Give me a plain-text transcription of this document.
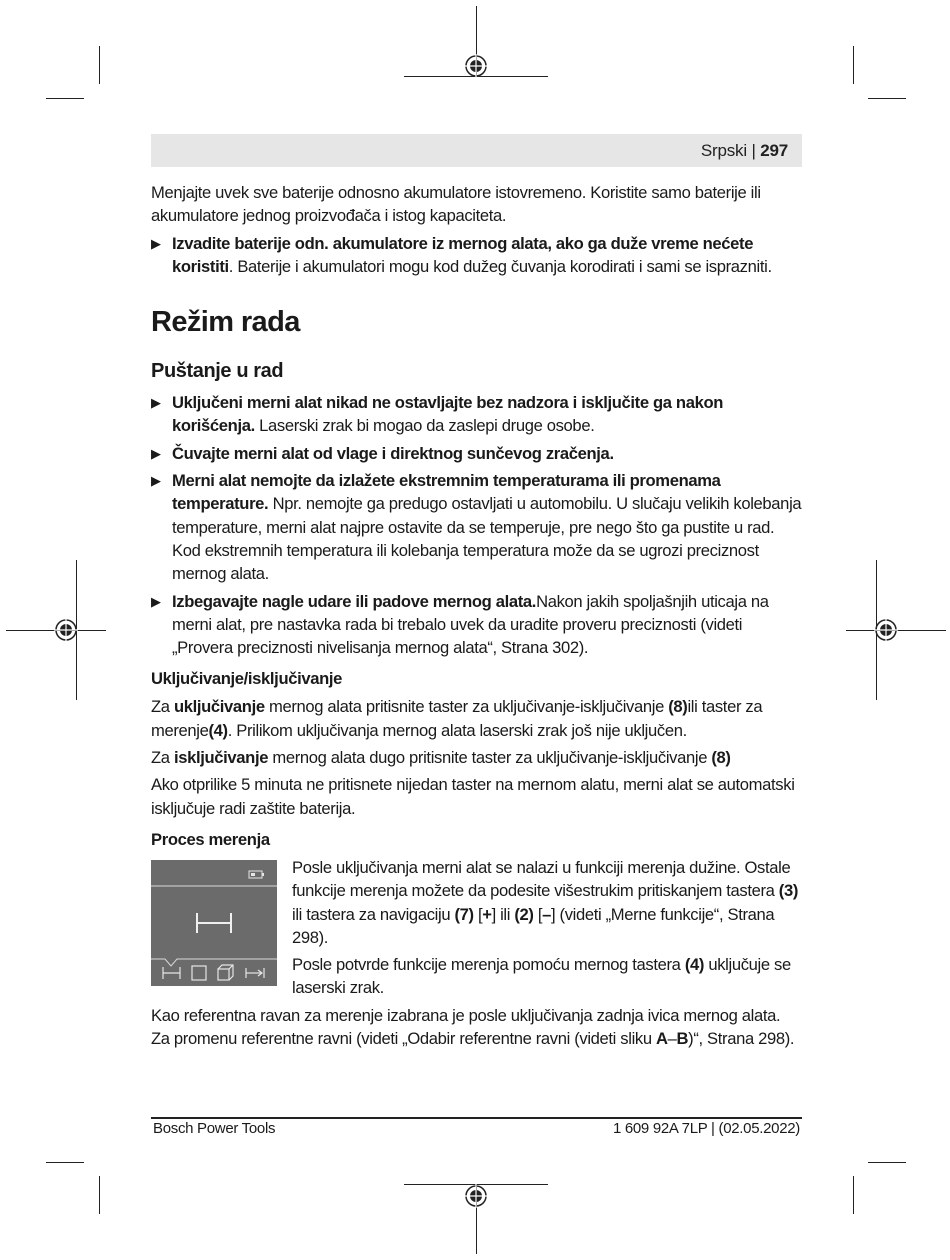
Srpski | 297

Menjajte uvek sve baterije odnosno akumulatore istovremeno. Koristite samo baterije ili akumulatore jednog proizvođača i istog kapaciteta.

▶ Izvadite baterije odn. akumulatore iz mernog alata, ako ga duže vreme nećete koristiti. Baterije i akumulatori mogu kod dužeg čuvanja korodirati i sami se isprazniti.
Režim rada
Puštanje u rad
▶ Uključeni merni alat nikad ne ostavljajte bez nadzora i isključite ga nakon korišćenja. Laserski zrak bi mogao da zaslepi druge osobe.
▶ Čuvajte merni alat od vlage i direktnog sunčevog zračenja.
▶ Merni alat nemojte da izlažete ekstremnim temperaturama ili promenama temperature. Npr. nemojte ga predugo ostavljati u automobilu. U slučaju velikih kolebanja temperature, merni alat najpre ostavite da se temperuje, pre nego što ga pustite u rad. Kod ekstremnih temperatura ili kolebanja temperatura može da se ugrozi preciznost mernog alata.
▶ Izbegavajte nagle udare ili padove mernog alata.Nakon jakih spoljašnjih uticaja na merni alat, pre nastavka rada bi trebalo uvek da uradite proveru preciznosti (videti „Provera preciznosti nivelisanja mernog alata“, Strana 302).
Uključivanje/isključivanje

Za uključivanje mernog alata pritisnite taster za uključivanje-isključivanje (8)ili taster za merenje(4). Prilikom uključivanja mernog alata laserski zrak još nije uključen.

Za isključivanje mernog alata dugo pritisnite taster za uključivanje-isključivanje (8)

Ako otprilike 5 minuta ne pritisnete nijedan taster na mernom alatu, merni alat se automatski isključuje radi zaštite baterija.

Proces merenja

Posle uključivanja merni alat se nalazi u funkciji merenja dužine. Ostale funkcije merenja možete da podesite višestrukim pritiskanjem tastera (3) ili tastera za navigaciju (7) [+] ili (2) [–] (videti „Merne funkcije“, Strana 298).

Posle potvrde funkcije merenja pomoću mernog tastera (4) uključuje se laserski zrak.

Kao referentna ravan za merenje izabrana je posle uključivanja zadnja ivica mernog alata.

Za promenu referentne ravni (videti „Odabir referentne ravni (videti sliku A–B)“, Strana 298).

Bosch Power Tools	1 609 92A 7LP | (02.05.2022)
